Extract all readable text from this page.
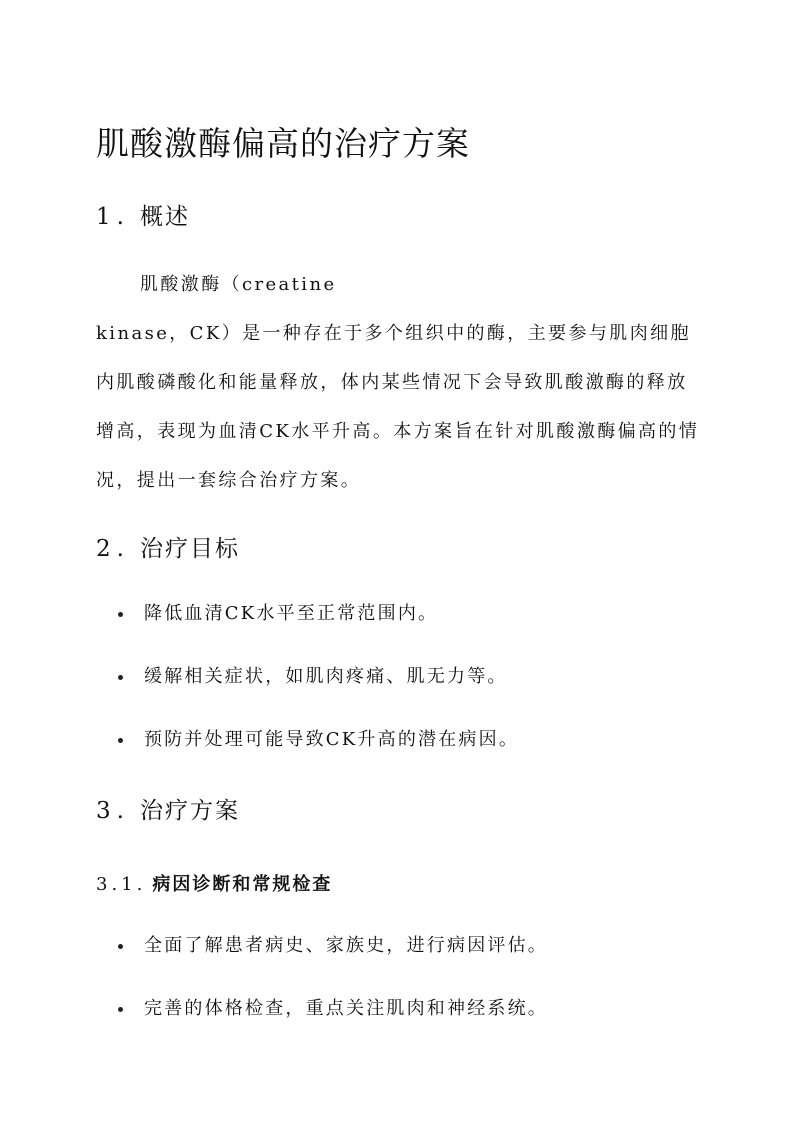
肌酸激酶偏高的治疗方案
1. 概述
肌酸激酶（creatine
kinase，CK）是一种存在于多个组织中的酶，主要参与肌肉细胞
内肌酸磷酸化和能量释放，体内某些情况下会导致肌酸激酶的释放
增高，表现为血清CK水平升高。本方案旨在针对肌酸激酶偏高的情
况，提出一套综合治疗方案。
2. 治疗目标
降低血清CK水平至正常范围内。
缓解相关症状，如肌肉疼痛、肌无力等。
预防并处理可能导致CK升高的潜在病因。
3. 治疗方案
3.1. 病因诊断和常规检查
全面了解患者病史、家族史，进行病因评估。
完善的体格检查，重点关注肌肉和神经系统。
